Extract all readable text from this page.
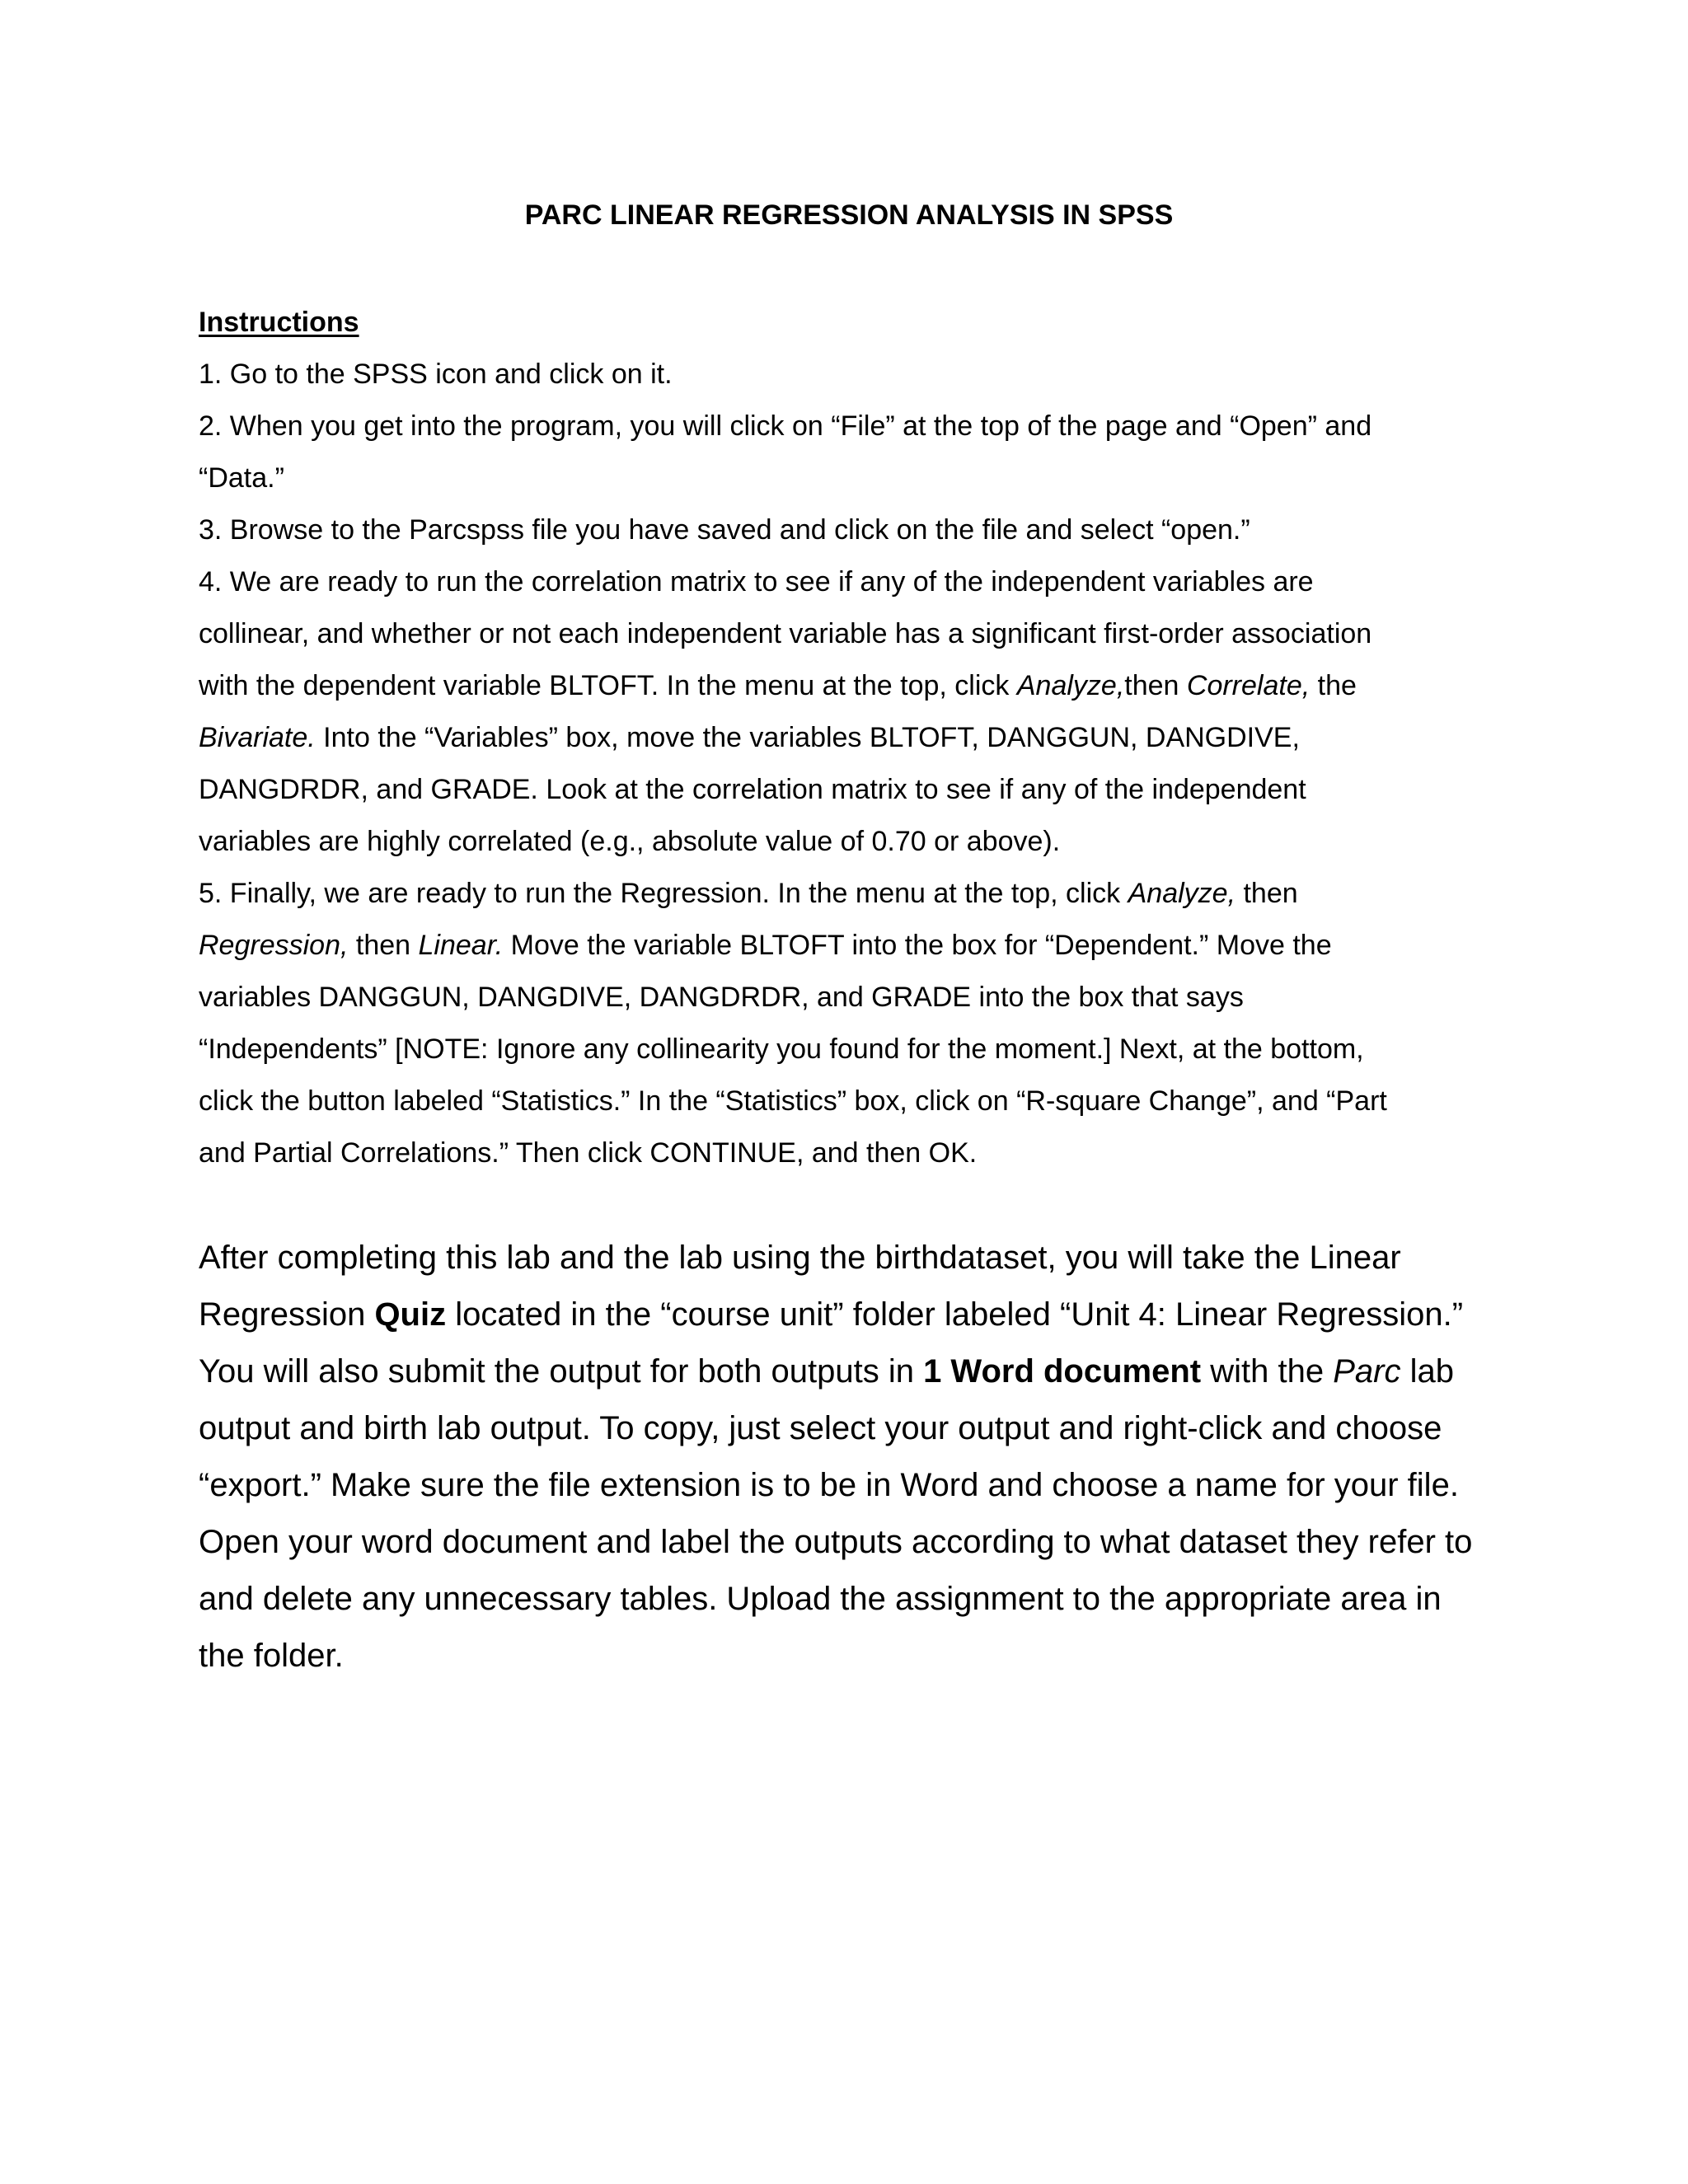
PARC LINEAR REGRESSION ANALYSIS IN SPSS
Instructions
1. Go to the SPSS icon and click on it.
2. When you get into the program, you will click on “File” at the top of the page and “Open” and
“Data.”
3. Browse to the Parcspss file you have saved and click on the file and select “open.”
4. We are ready to run the correlation matrix to see if any of the independent variables are
collinear, and whether or not each independent variable has a significant first-order association
with the dependent variable BLTOFT. In the menu at the top, click Analyze,then Correlate, the
Bivariate. Into the “Variables” box, move the variables BLTOFT, DANGGUN, DANGDIVE,
DANGDRDR, and GRADE. Look at the correlation matrix to see if any of the independent
variables are highly correlated (e.g., absolute value of 0.70 or above).
5. Finally, we are ready to run the Regression. In the menu at the top, click Analyze, then
Regression, then Linear. Move the variable BLTOFT into the box for “Dependent.” Move the
variables DANGGUN, DANGDIVE, DANGDRDR, and GRADE into the box that says
“Independents” [NOTE: Ignore any collinearity you found for the moment.] Next, at the bottom,
click the button labeled “Statistics.” In the “Statistics” box, click on “R-square Change”, and “Part
and Partial Correlations.” Then click CONTINUE, and then OK.
After completing this lab and the lab using the birthdataset, you will take the Linear
Regression Quiz located in the “course unit” folder labeled “Unit 4: Linear Regression.”
You will also submit the output for both outputs in 1 Word document with the Parc lab
output and birth lab output. To copy, just select your output and right-click and choose
“export.” Make sure the file extension is to be in Word and choose a name for your file.
Open your word document and label the outputs according to what dataset they refer to
and delete any unnecessary tables. Upload the assignment to the appropriate area in
the folder.
